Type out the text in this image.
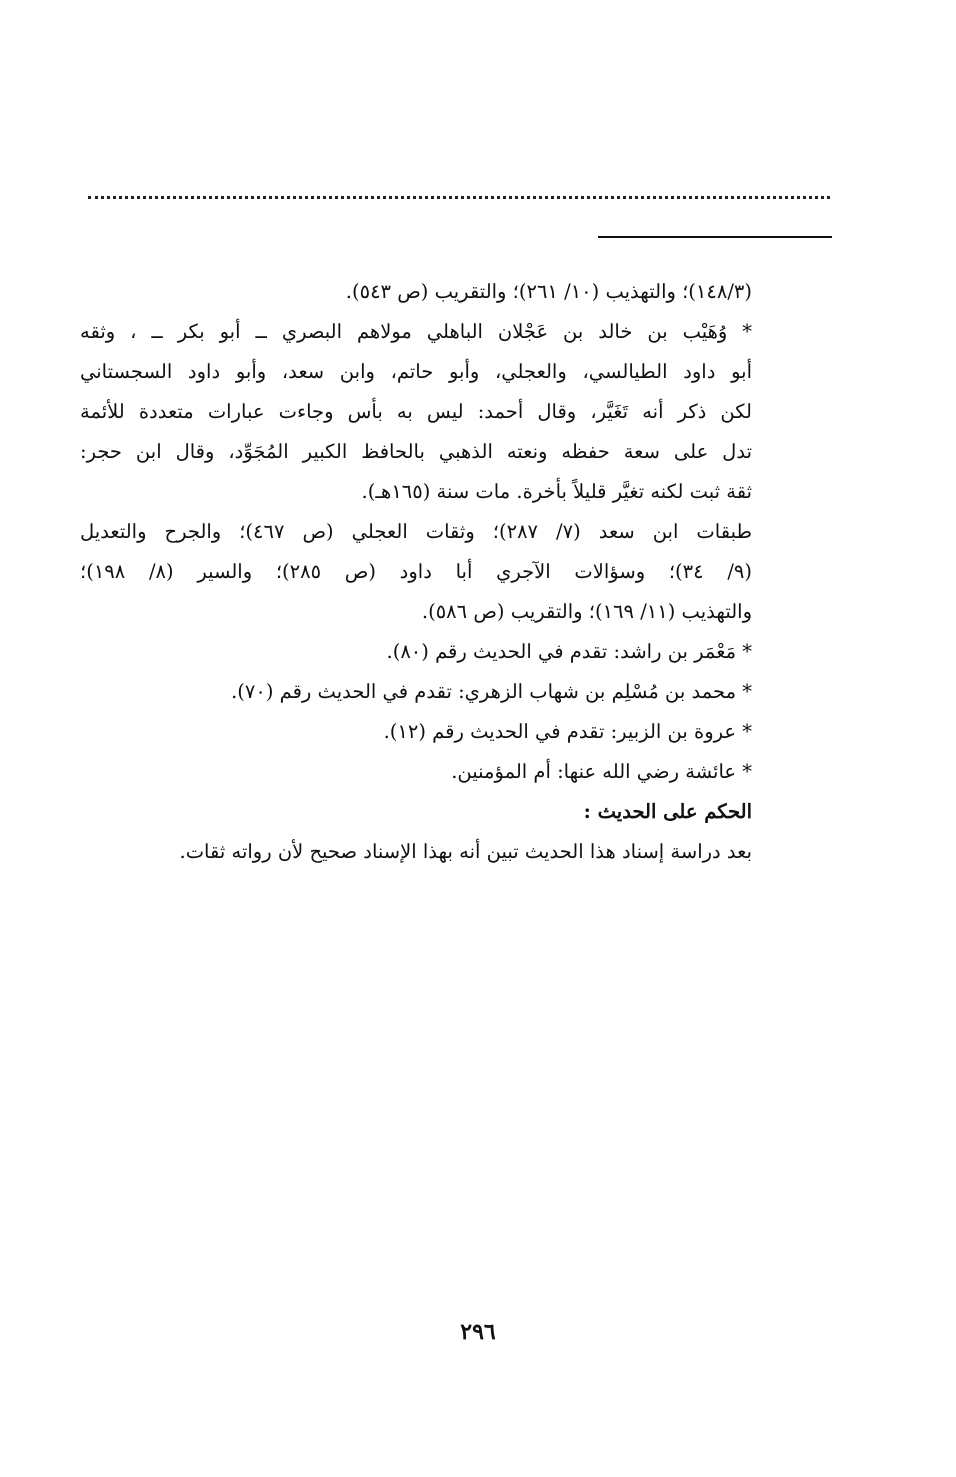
(١٤٨/٣)؛ والتهذيب (١٠/ ٢٦١)؛ والتقريب (ص ٥٤٣).
* وُهَيْب بن خالد بن عَجْلان الباهلي مولاهم البصري ــ أبو بكر ــ ، وثقه
أبو داود الطيالسي، والعجلي، وأبو حاتم، وابن سعد، وأبو داود السجستاني
لكن ذكر أنه تَغَيَّر، وقال أحمد: ليس به بأس وجاءت عبارات متعددة للأئمة
تدل على سعة حفظه ونعته الذهبي بالحافظ الكبير المُجَوِّد، وقال ابن حجر:
ثقة ثبت لكنه تغيَّر قليلاً بأخرة. مات سنة (١٦٥هـ).
طبقات ابن سعد (٧/ ٢٨٧)؛ وثقات العجلي (ص ٤٦٧)؛ والجرح والتعديل
(٩/ ٣٤)؛ وسؤالات الآجري أبا داود (ص ٢٨٥)؛ والسير (٨/ ١٩٨)؛
والتهذيب (١١/ ١٦٩)؛ والتقريب (ص ٥٨٦).
* مَعْمَر بن راشد: تقدم في الحديث رقم (٨٠).
* محمد بن مُسْلِم بن شهاب الزهري: تقدم في الحديث رقم (٧٠).
* عروة بن الزبير: تقدم في الحديث رقم (١٢).
* عائشة رضي الله عنها: أم المؤمنين.
الحكم على الحديث :
بعد دراسة إسناد هذا الحديث تبين أنه بهذا الإسناد صحيح لأن رواته ثقات.
٢٩٦
